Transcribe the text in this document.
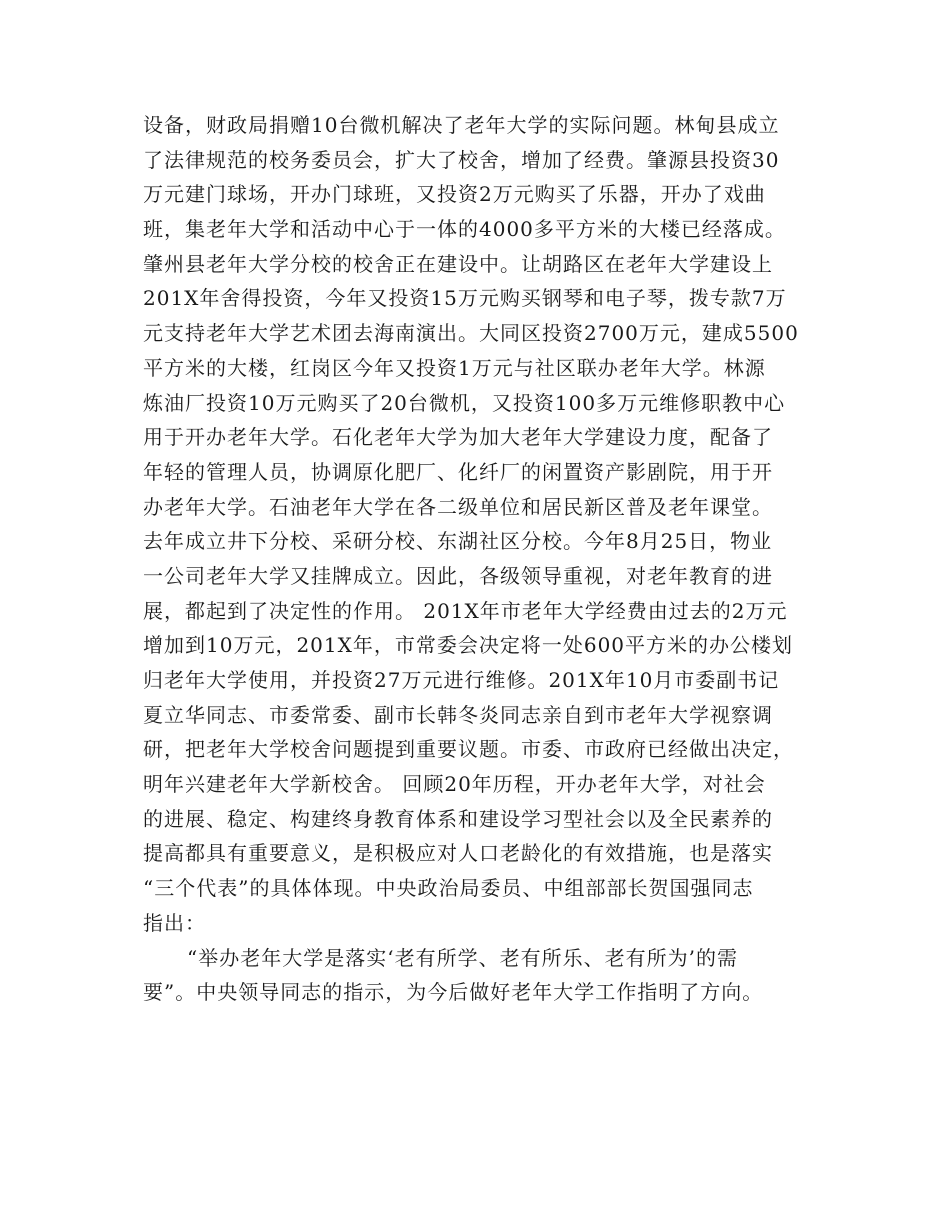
设备，财政局捐赠10台微机解决了老年大学的实际问题。林甸县成立
了法律规范的校务委员会，扩大了校舍，增加了经费。肇源县投资30
万元建门球场，开办门球班，又投资2万元购买了乐器，开办了戏曲
班，集老年大学和活动中心于一体的4000多平方米的大楼已经落成。
肇州县老年大学分校的校舍正在建设中。让胡路区在老年大学建设上
201X年舍得投资，今年又投资15万元购买钢琴和电子琴，拨专款7万
元支持老年大学艺术团去海南演出。大同区投资2700万元，建成5500
平方米的大楼，红岗区今年又投资1万元与社区联办老年大学。林源
炼油厂投资10万元购买了20台微机，又投资100多万元维修职教中心
用于开办老年大学。石化老年大学为加大老年大学建设力度，配备了
年轻的管理人员，协调原化肥厂、化纤厂的闲置资产影剧院，用于开
办老年大学。石油老年大学在各二级单位和居民新区普及老年课堂。
去年成立井下分校、采研分校、东湖社区分校。今年8月25日，物业
一公司老年大学又挂牌成立。因此，各级领导重视，对老年教育的进
展，都起到了决定性的作用。 201X年市老年大学经费由过去的2万元
增加到10万元，201X年，市常委会决定将一处600平方米的办公楼划
归老年大学使用，并投资27万元进行维修。201X年10月市委副书记
夏立华同志、市委常委、副市长韩冬炎同志亲自到市老年大学视察调
研，把老年大学校舍问题提到重要议题。市委、市政府已经做出决定，
明年兴建老年大学新校舍。 回顾20年历程，开办老年大学，对社会
的进展、稳定、构建终身教育体系和建设学习型社会以及全民素养的
提高都具有重要意义，是积极应对人口老龄化的有效措施，也是落实
“三个代表”的具体体现。中央政治局委员、中组部部长贺国强同志
指出：
“举办老年大学是落实‘老有所学、老有所乐、老有所为’的需
要”。中央领导同志的指示，为今后做好老年大学工作指明了方向。
